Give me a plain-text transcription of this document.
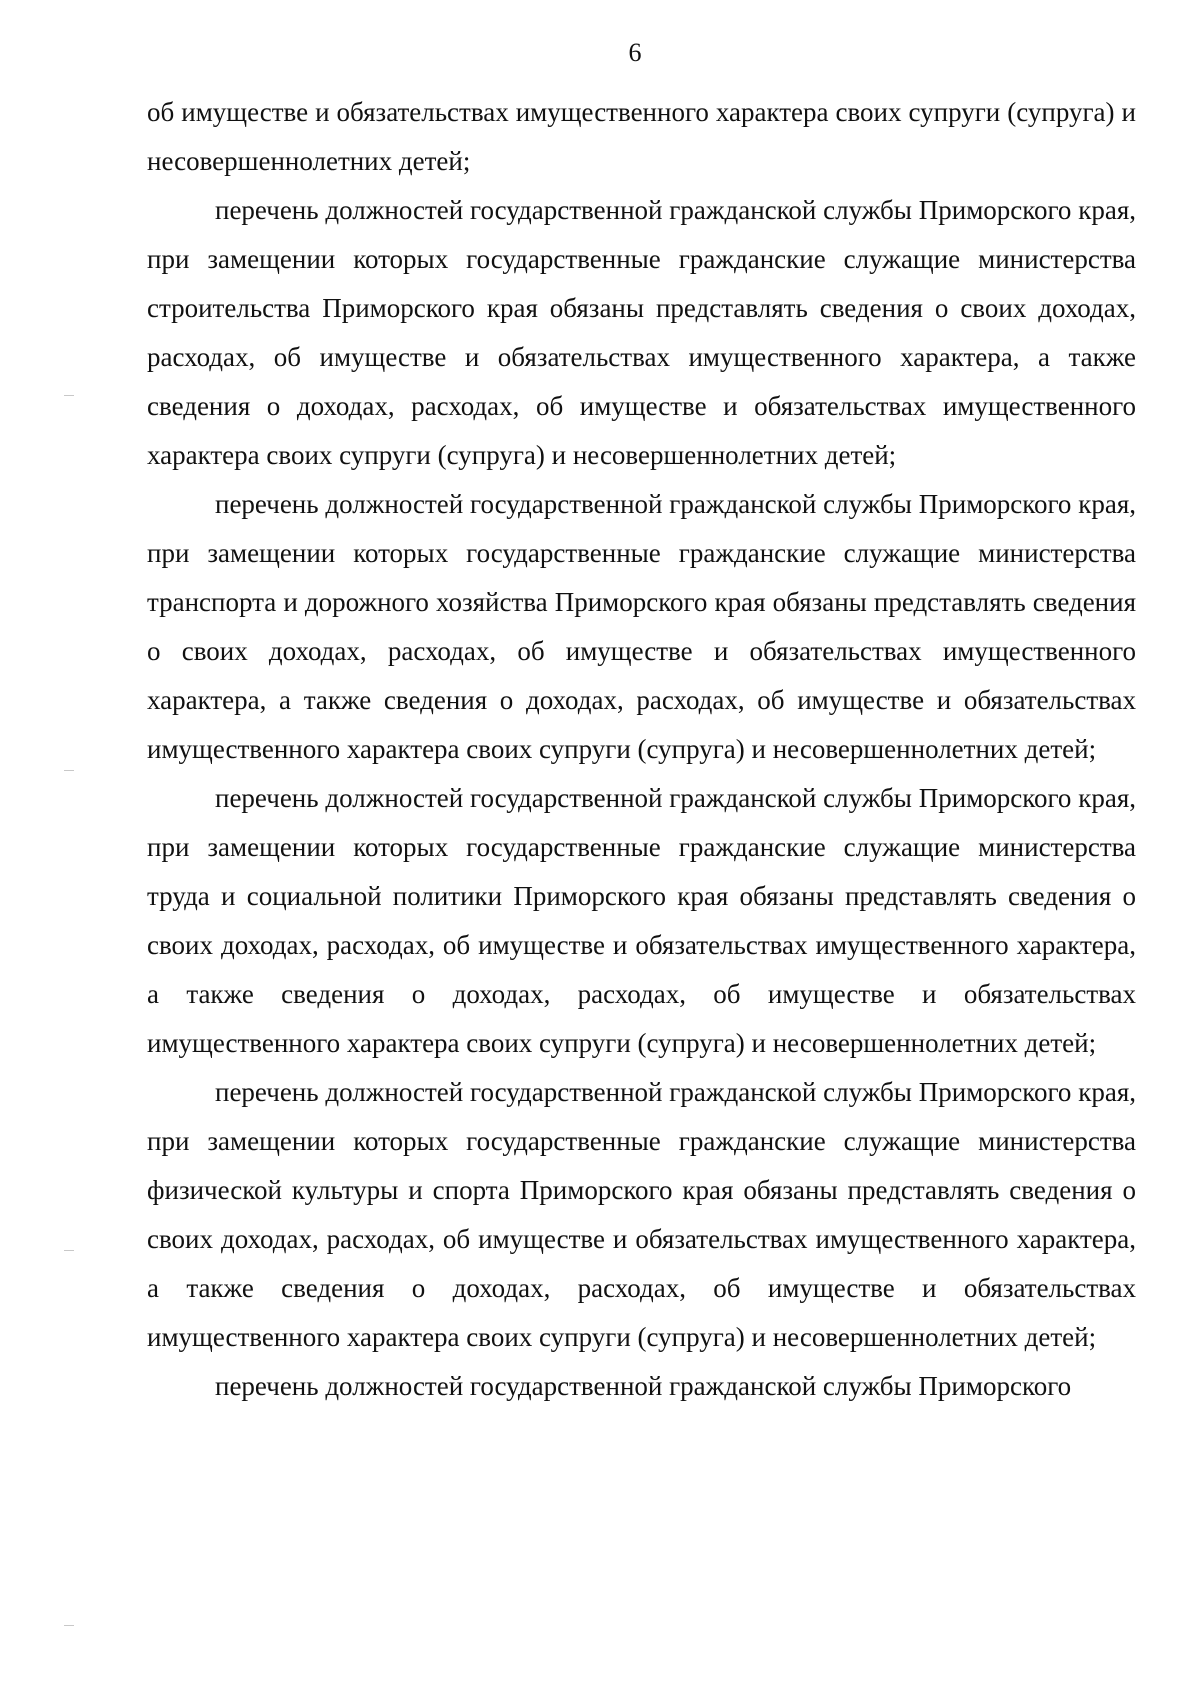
6

об имуществе и обязательствах имущественного характера своих супруги (супруга) и несовершеннолетних детей;

перечень должностей государственной гражданской службы Приморского края, при замещении которых государственные гражданские служащие министерства строительства Приморского края обязаны представлять сведения о своих доходах, расходах, об имуществе и обязательствах имущественного характера, а также сведения о доходах, расходах, об имуществе и обязательствах имущественного характера своих супруги (супруга) и несовершеннолетних детей;

перечень должностей государственной гражданской службы Приморского края, при замещении которых государственные гражданские служащие министерства транспорта и дорожного хозяйства Приморского края обязаны представлять сведения о своих доходах, расходах, об имуществе и обязательствах имущественного характера, а также сведения о доходах, расходах, об имуществе и обязательствах имущественного характера своих супруги (супруга) и несовершеннолетних детей;

перечень должностей государственной гражданской службы Приморского края, при замещении которых государственные гражданские служащие министерства труда и социальной политики Приморского края обязаны представлять сведения о своих доходах, расходах, об имуществе и обязательствах имущественного характера, а также сведения о доходах, расходах, об имуществе и обязательствах имущественного характера своих супруги (супруга) и несовершеннолетних детей;

перечень должностей государственной гражданской службы Приморского края, при замещении которых государственные гражданские служащие министерства физической культуры и спорта Приморского края обязаны представлять сведения о своих доходах, расходах, об имуществе и обязательствах имущественного характера, а также сведения о доходах, расходах, об имуществе и обязательствах имущественного характера своих супруги (супруга) и несовершеннолетних детей;

перечень должностей государственной гражданской службы Приморского
